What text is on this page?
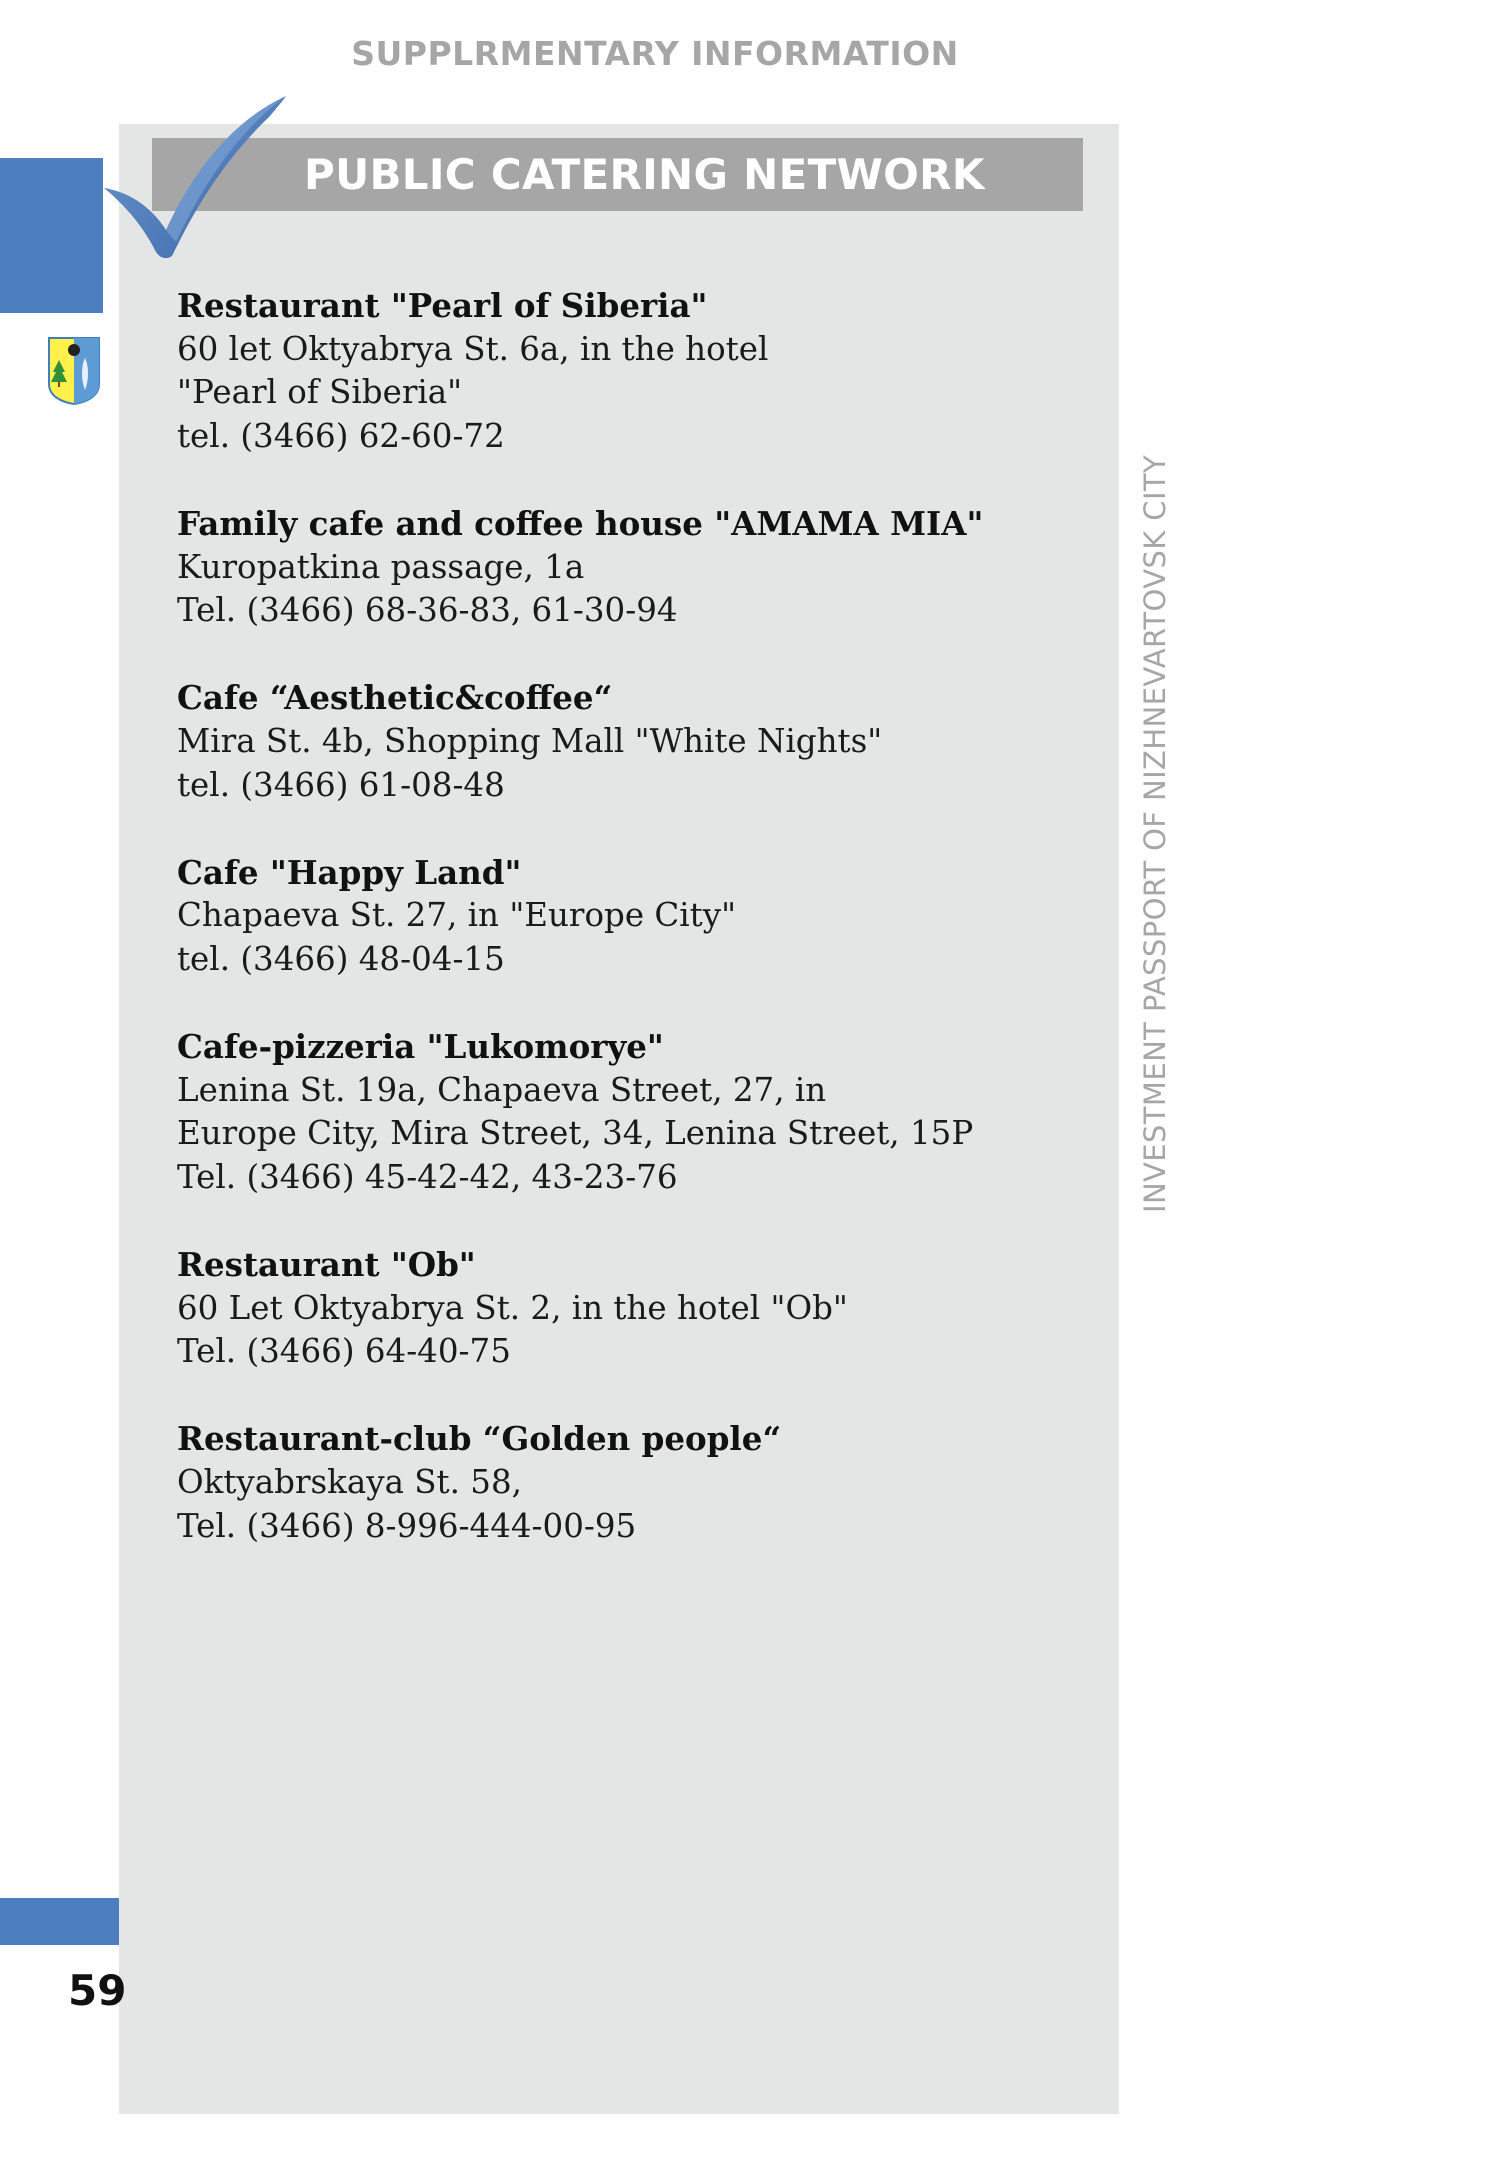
SUPPLRMENTARY INFORMATION
PUBLIC CATERING NETWORK
Restaurant "Pearl of Siberia"
60 let Oktyabrya St. 6a, in the hotel
"Pearl of Siberia"
tel. (3466) 62-60-72
Family cafe and coffee house "AMAMA MIA"
Kuropatkina passage, 1a
Tel. (3466) 68-36-83, 61-30-94
Cafe “Aesthetic&coffee“
Mira St. 4b, Shopping Mall "White Nights"
tel. (3466) 61-08-48
Cafe "Happy Land"
Chapaeva St. 27, in "Europe City"
tel. (3466) 48-04-15
Cafe-pizzeria "Lukomorye"
Lenina St. 19a, Chapaeva Street, 27, in
Europe City, Mira Street, 34, Lenina Street, 15P
Tel. (3466) 45-42-42, 43-23-76
Restaurant "Ob"
60 Let Oktyabrya St. 2, in the hotel "Ob"
Tel. (3466) 64-40-75
Restaurant-club “Golden people“
Oktyabrskaya St. 58,
Tel. (3466) 8-996-444-00-95
INVESTMENT PASSPORT OF NIZHNEVARTOVSK CITY
59
